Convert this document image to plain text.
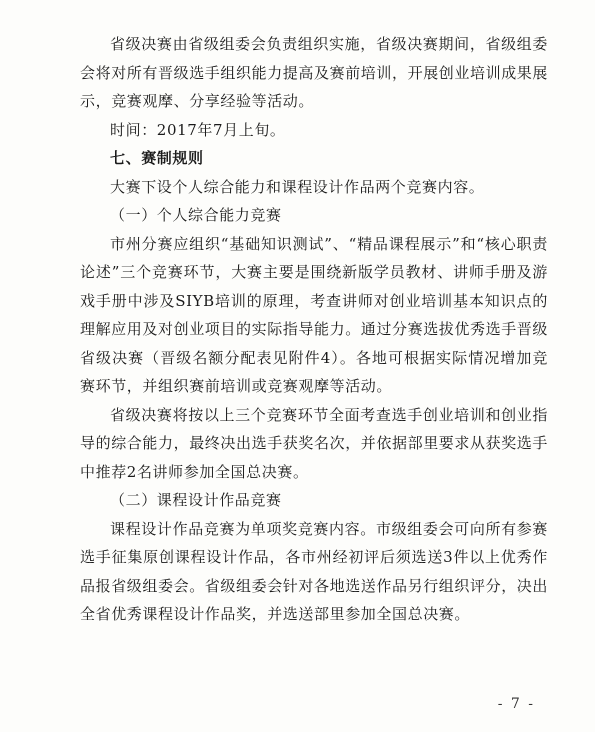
省级决赛由省级组委会负责组织实施，省级决赛期间，省级组委会将对所有晋级选手组织能力提高及赛前培训，开展创业培训成果展示，竞赛观摩、分享经验等活动。

时间：2017年7月上旬。

七、赛制规则

大赛下设个人综合能力和课程设计作品两个竞赛内容。

（一）个人综合能力竞赛

市州分赛应组织“基础知识测试”、“精品课程展示”和“核心职责论述”三个竞赛环节，大赛主要是围绕新版学员教材、讲师手册及游戏手册中涉及SIYB培训的原理，考查讲师对创业培训基本知识点的理解应用及对创业项目的实际指导能力。通过分赛选拔优秀选手晋级省级决赛（晋级名额分配表见附件4）。各地可根据实际情况增加竞赛环节，并组织赛前培训或竞赛观摩等活动。

省级决赛将按以上三个竞赛环节全面考查选手创业培训和创业指导的综合能力，最终决出选手获奖名次，并依据部里要求从获奖选手中推荐2名讲师参加全国总决赛。

（二）课程设计作品竞赛

课程设计作品竞赛为单项奖竞赛内容。市级组委会可向所有参赛选手征集原创课程设计作品，各市州经初评后须选送3件以上优秀作品报省级组委会。省级组委会针对各地选送作品另行组织评分，决出全省优秀课程设计作品奖，并选送部里参加全国总决赛。

- 7 -
